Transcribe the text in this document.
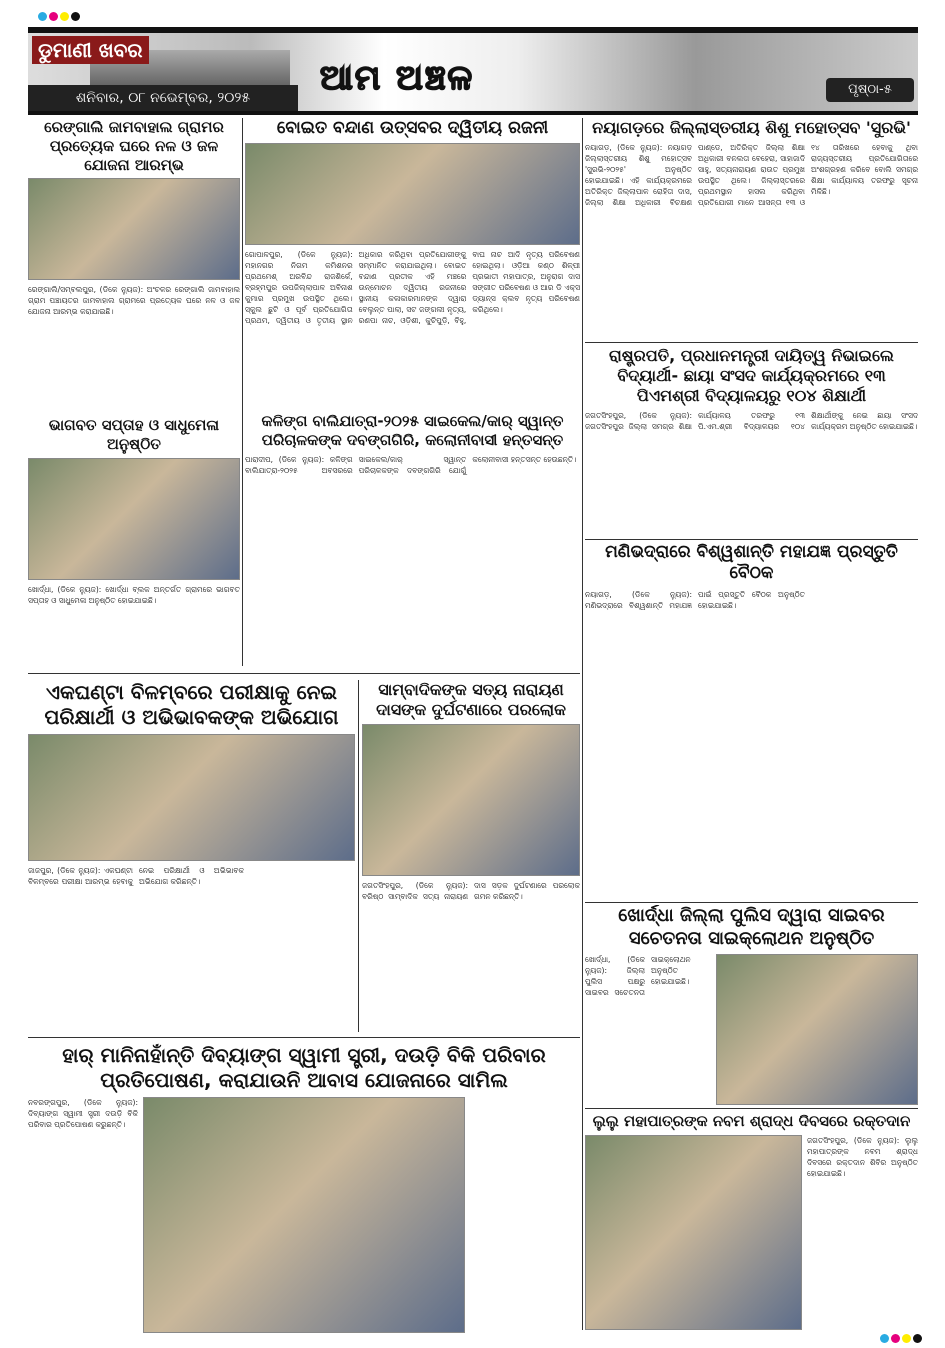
ଡୁମାଣୀ ଖବର
ଶନିବାର, ୦୮ ନଭେମ୍ବର, ୨୦୨୫	ଆମ ଅଞ୍ଚଳ	ପୃଷ୍ଠା-୫
ରେଙ୍ଗାଲି ଜାମବାହାଲ ଗ୍ରାମର ପ୍ରତ୍ୟେକ ଘରେ ନଳ ଓ ଜଳ ଯୋଜନା ଆରମ୍ଭ
ରେଙ୍ଗାଲି/ସମ୍ବଲପୁର, (ଡିକେ ନ୍ୟୁଜ): ଅଂଚଳର ରେଙ୍ଗାଲି ଜାମବାହାଲ ଗ୍ରାମ ପଞ୍ଚାୟତର ଜାମବାହାଲ ଗ୍ରାମରେ ପ୍ରତ୍ୟେକ ଘରେ ନଳ ଓ ଜଳ ଯୋଜନା ଆରମ୍ଭ କରାଯାଇଛି।
ବୋଇତ ବନ୍ଦାଣ ଉତ୍ସବର ଦ୍ୱିତୀୟ ରଜନୀ
ଗୋପାଳପୁର, (ଡିକେ ନ୍ୟୁଜ): ମହାନଗର ନିଗମ କମିଶନର ପ୍ରଥମେଶ୍ ଅରବିନ୍ଦ ରାଜଶିର୍କେ, ବ୍ରହ୍ମପୁର ଉପଜିଲ୍ଲାପାଳ ଅବିନାଶ କୁମାର ପ୍ରମୁଖ ଉପସ୍ଥିତ ଥିଲେ। ସ୍କୁଲ ଛୁଟି ଓ ପୂର୍ବ ପ୍ରତିଯୋଗିତା ପ୍ରଥମ, ଦ୍ୱିତୀୟ ଓ ତୃତୀୟ ସ୍ଥାନ ଅଧିକାର କରିଥିବା ପ୍ରତିଯୋଗୀଙ୍କୁ ସମ୍ମାନିତ କରାଯାଇଥିଲା। ବୋଇତ ବନ୍ଦାଣ ପ୍ରତୀକ ଏହି ମଞ୍ଚରେ ଉନ୍ମୋଚନ ଦ୍ୱିତୀୟ ରଜନୀରେ ସ୍ଥାନୀୟ କଳାକାରମାନଙ୍କ ଦ୍ୱାରା ବେଲୁନ୍ତ ପାଲା, ସଟ ଜଙ୍ଗଲୀ ନୃତ୍ୟ, ରଣପା ନାଚ, ଓଡ଼ିଶୀ, କୁଚିପୁଡ଼ି, ବିହୁ, ବାଘ ନାଚ ଆଦି ନୃତ୍ୟ ପରିବେଷଣ ହୋଇଥିଲା। ଓଡ଼ିଆ କଣ୍ଠ ଶିଳ୍ପୀ ପ୍ରଭାତୀ ମହାପାତ୍ର, ଅନୁରାଗ ଦାସ ସଙ୍ଗୀତ ପରିବେଷଣ ଓ ଆର ଡି ଏକ୍ସ ଡ୍ୟାନ୍ସ କ୍ଲବ ନୃତ୍ୟ ପରିବେଷଣ କରିଥିଲେ।
ନୟାଗଡ଼ରେ ଜିଲ୍ଲାସ୍ତରୀୟ ଶିଶୁ ମହୋତ୍ସବ 'ସୁରଭି'
ନୟାଗଡ଼, (ଡିକେ ନ୍ୟୁଜ): ନୟାଗଡ଼ ଜିଲ୍ଲାସ୍ତରୀୟ ଶିଶୁ ମହୋତ୍ସବ 'ସୁରଭି-୨୦୨୫' ଅନୁଷ୍ଠିତ ହୋଇଯାଇଛି। ଏହି କାର୍ଯ୍ୟକ୍ରମରେ ଅତିରିକ୍ତ ଜିଲ୍ଲାପାଳ ରୋହିତା ଦାସ, ଜିଲ୍ଲା ଶିକ୍ଷା ଅଧିକାରୀ ବିଚକ୍ଷଣ ପାଣ୍ଡେ, ଅତିରିକ୍ତ ଜିଲ୍ଲା ଶିକ୍ଷା ଅଧିକାରୀ ବନଲତା ବେହେରା, ସାହାଜାଦି ସାହୁ, ସତ୍ୟନାରାୟଣ ରାଉତ ପ୍ରମୁଖ ଉପସ୍ଥିତ ଥିଲେ। ଜିଲ୍ଲାସ୍ତରରେ ପ୍ରଥମସ୍ଥାନ ହାସଲ କରିଥିବା ପ୍ରତିଯୋଗୀ ମାନେ ଆସନ୍ତା ୧୩ ଓ ୧୪ ତାରିଖରେ ହେବାକୁ ଥିବା ରାଜ୍ୟସ୍ତରୀୟ ପ୍ରତିଯୋଗିତାରେ ଅଂଶଗ୍ରହଣ କରିବେ ବୋଲି ସମଗ୍ର ଶିକ୍ଷା କାର୍ଯ୍ୟାଳୟ ତରଫରୁ ସୂଚନା ମିଳିଛି।
ରାଷ୍ଟ୍ରପତି, ପ୍ରଧାନମନ୍ତ୍ରୀ ଦାୟିତ୍ୱ ନିଭାଇଲେ ବିଦ୍ୟାର୍ଥୀ- ଛାୟା ସଂସଦ କାର୍ଯ୍ୟକ୍ରମରେ ୧୩ ପିଏମଶ୍ରୀ ବିଦ୍ୟାଳୟରୁ ୧୦୪ ଶିକ୍ଷାର୍ଥୀ
ଜଗତସିଂହପୁର, (ଡିକେ ନ୍ୟୁଜ): ଜଗତସିଂହପୁର ଜିଲ୍ଲା ସମଗ୍ର ଶିକ୍ଷା କାର୍ଯ୍ୟାଳୟ ତରଫରୁ ୧୩ ପି.ଏମ.ଶ୍ରୀ ବିଦ୍ୟାଳୟର ୧୦୪ ଶିକ୍ଷାର୍ଥୀଙ୍କୁ ନେଇ ଛାୟା ସଂସଦ କାର୍ଯ୍ୟକ୍ରମ ଅନୁଷ୍ଠିତ ହୋଇଯାଇଛି।
କଳିଙ୍ଗ ବାଲିଯାତ୍ରା-୨୦୨୫ ସାଇକେଲ/କାର୍ ସ୍ୱାନ୍ତ ପରିଚାଳକଙ୍କ ଦବଙ୍ଗଗିରି, କଲୋନୀବାସୀ ହନ୍ତସନ୍ତ
ପାରାଦୀପ, (ଡିକେ ନ୍ୟୁଜ): କଳିଙ୍ଗ ବାଲିଯାତ୍ରା-୨୦୨୫ ଅବସରରେ ସାଇକେଲ/କାର୍ ସ୍ୱାନ୍ତ ପରିଚାଳକଙ୍କ ଦବଙ୍ଗଗିରି ଯୋଗୁଁ କଲୋନୀବାସୀ ହନ୍ତସନ୍ତ ହେଉଛନ୍ତି।
ଭାଗବତ ସପ୍ତାହ ଓ ସାଧୁମେଳା ଅନୁଷ୍ଠିତ
ଖୋର୍ଦ୍ଧା, (ଡିକେ ନ୍ୟୁଜ): ଖୋର୍ଦ୍ଧା ବ୍ଲକ ଅନ୍ତର୍ଗତ ଗ୍ରାମରେ ଭାଗବତ ସପ୍ତାହ ଓ ସାଧୁମେଳା ଅନୁଷ୍ଠିତ ହୋଇଯାଇଛି।
ଏକଘଣ୍ଟା ବିଳମ୍ବରେ ପରୀକ୍ଷାକୁ ନେଇ ପରିକ୍ଷାର୍ଥୀ ଓ ଅଭିଭାବକଙ୍କ ଅଭିଯୋଗ
ଜାଜପୁର, (ଡିକେ ନ୍ୟୁଜ): ଏକଘଣ୍ଟା ବିଳମ୍ବରେ ପରୀକ୍ଷା ଆରମ୍ଭ ହେବାକୁ ନେଇ ପରିକ୍ଷାର୍ଥୀ ଓ ଅଭିଭାବକ ଅଭିଯୋଗ କରିଛନ୍ତି।
ସାମ୍ବାଦିକଙ୍କ ସତ୍ୟ ନାରାୟଣ ଦାସଙ୍କ ଦୁର୍ଘଟଣାରେ ପରଲୋକ
ଜଗତସିଂହପୁର, (ଡିକେ ନ୍ୟୁଜ): ବରିଷ୍ଠ ସାମ୍ବାଦିକ ସତ୍ୟ ନାରାୟଣ ଦାସ ସଡ଼କ ଦୁର୍ଘଟଣାରେ ପରଲୋକ ଗମନ କରିଛନ୍ତି।
ମଣିଭଦ୍ରାରେ ବିଶ୍ୱଶାନ୍ତି ମହାଯଜ୍ଞ ପ୍ରସ୍ତୁତି ବୈଠକ
ନୟାଗଡ଼, (ଡିକେ ନ୍ୟୁଜ): ମଣିଭଦ୍ରାରେ ବିଶ୍ୱଶାନ୍ତି ମହାଯଜ୍ଞ ପାଇଁ ପ୍ରସ୍ତୁତି ବୈଠକ ଅନୁଷ୍ଠିତ ହୋଇଯାଇଛି।
ଖୋର୍ଦ୍ଧା ଜିଲ୍ଲା ପୁଲିସ ଦ୍ୱାରା ସାଇବର ସଚେତନତା ସାଇକ୍ଲୋଥନ ଅନୁଷ୍ଠିତ
ଖୋର୍ଦ୍ଧା, (ଡିକେ ନ୍ୟୁଜ): ଜିଲ୍ଲା ପୁଲିସ ପକ୍ଷରୁ ସାଇବର ସଚେତନତା ସାଇକ୍ଲୋଥନ ଅନୁଷ୍ଠିତ ହୋଇଯାଇଛି।
ହାର୍ ମାନିନାହାଁନ୍ତି ଦିବ୍ୟାଙ୍ଗ ସ୍ୱାମୀ ସ୍ତ୍ରୀ, ଦଉଡ଼ି ବିକି ପରିବାର ପ୍ରତିପୋଷଣ, କରାଯାଉନି ଆବାସ ଯୋଜନାରେ ସାମିଲ
ନବରଙ୍ଗପୁର, (ଡିକେ ନ୍ୟୁଜ): ଦିବ୍ୟାଙ୍ଗ ସ୍ୱାମୀ ସ୍ତ୍ରୀ ଦଉଡ଼ି ବିକି ପରିବାର ପ୍ରତିପୋଷଣ କରୁଛନ୍ତି।	ଲୁଲୁ ମହାପାତ୍ରଙ୍କ ନବମ ଶ୍ରାଦ୍ଧ ଦିବସରେ ରକ୍ତଦାନ
ଜଗତସିଂହପୁର, (ଡିକେ ନ୍ୟୁଜ): ଲୁଲୁ ମହାପାତ୍ରଙ୍କ ନବମ ଶ୍ରାଦ୍ଧ ଦିବସରେ ରକ୍ତଦାନ ଶିବିର ଅନୁଷ୍ଠିତ ହୋଇଯାଇଛି।
